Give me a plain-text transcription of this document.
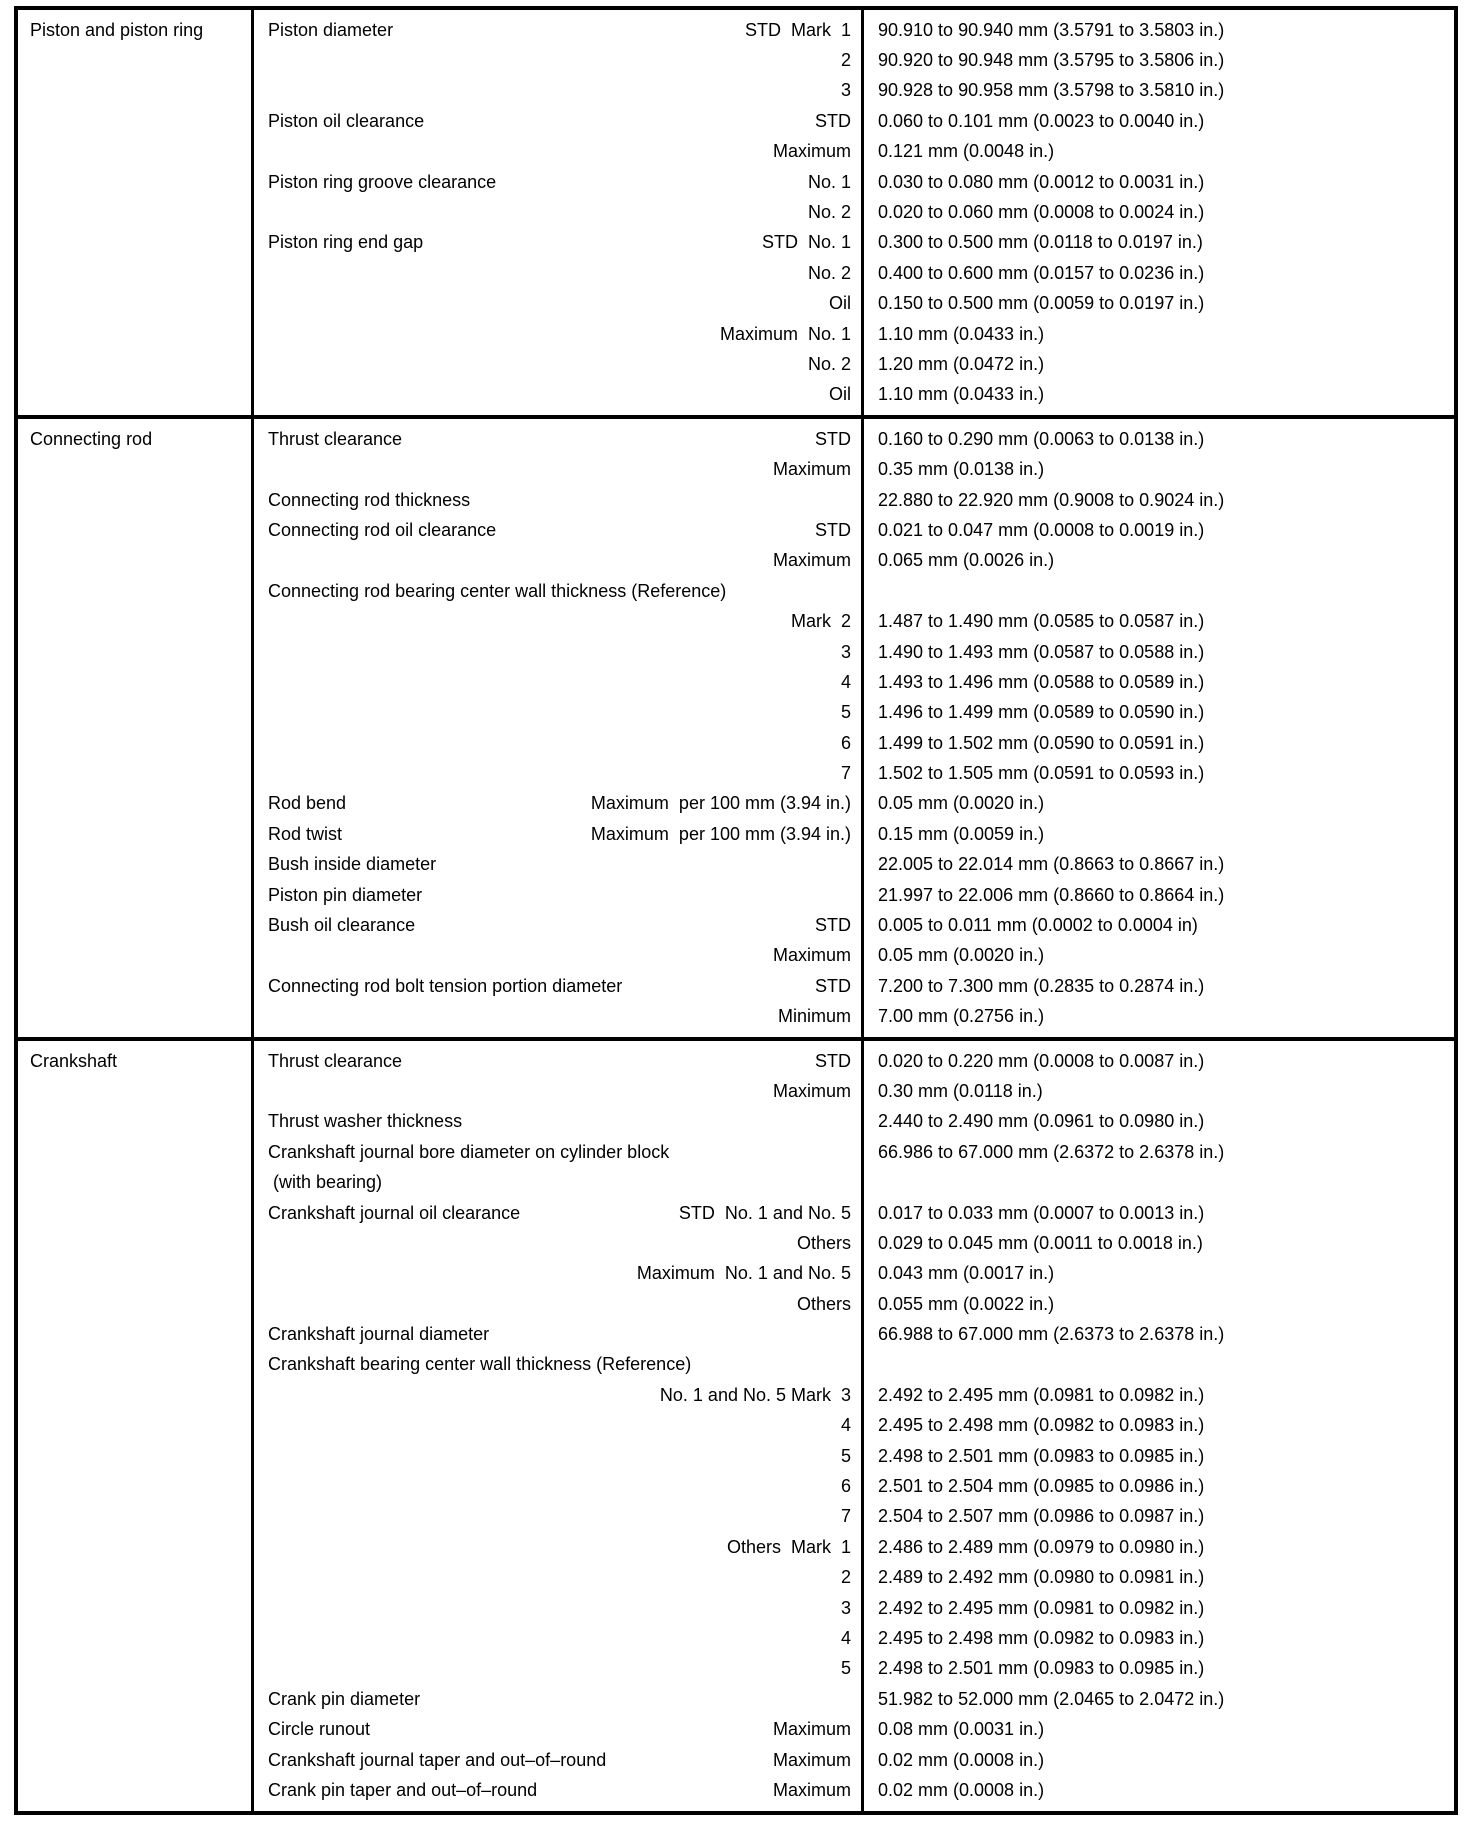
Piston and piston ring	Piston diameter	STD  Mark  1 90.910 to 90.940 mm (3.5791 to 3.5803 in.)
2 90.920 to 90.948 mm (3.5795 to 3.5806 in.)
3 90.928 to 90.958 mm (3.5798 to 3.5810 in.)
Piston oil clearance	STD 0.060 to 0.101 mm (0.0023 to 0.0040 in.)
Maximum 0.121 mm (0.0048 in.)
Piston ring groove clearance	No. 1 0.030 to 0.080 mm (0.0012 to 0.0031 in.)
No. 2 0.020 to 0.060 mm (0.0008 to 0.0024 in.)
Piston ring end gap	STD  No. 1 0.300 to 0.500 mm (0.0118 to 0.0197 in.)
No. 2 0.400 to 0.600 mm (0.0157 to 0.0236 in.)
Oil 0.150 to 0.500 mm (0.0059 to 0.0197 in.)
Maximum  No. 1 1.10 mm (0.0433 in.)
No. 2 1.20 mm (0.0472 in.)
Oil 1.10 mm (0.0433 in.)
Connecting rod	Thrust clearance	STD 0.160 to 0.290 mm (0.0063 to 0.0138 in.)
Maximum 0.35 mm (0.0138 in.)
Connecting rod thickness	22.880 to 22.920 mm (0.9008 to 0.9024 in.)
Connecting rod oil clearance	STD 0.021 to 0.047 mm (0.0008 to 0.0019 in.)
Maximum 0.065 mm (0.0026 in.)
Connecting rod bearing center wall thickness (Reference)
Mark  2 1.487 to 1.490 mm (0.0585 to 0.0587 in.)
3 1.490 to 1.493 mm (0.0587 to 0.0588 in.)
4 1.493 to 1.496 mm (0.0588 to 0.0589 in.)
5 1.496 to 1.499 mm (0.0589 to 0.0590 in.)
6 1.499 to 1.502 mm (0.0590 to 0.0591 in.)
7 1.502 to 1.505 mm (0.0591 to 0.0593 in.)
Rod bend	Maximum  per 100 mm (3.94 in.) 0.05 mm (0.0020 in.)
Rod twist	Maximum  per 100 mm (3.94 in.) 0.15 mm (0.0059 in.)
Bush inside diameter	22.005 to 22.014 mm (0.8663 to 0.8667 in.)
Piston pin diameter	21.997 to 22.006 mm (0.8660 to 0.8664 in.)
Bush oil clearance	STD 0.005 to 0.011 mm (0.0002 to 0.0004 in)
Maximum 0.05 mm (0.0020 in.)
Connecting rod bolt tension portion diameter	STD 7.200 to 7.300 mm (0.2835 to 0.2874 in.)
Minimum 7.00 mm (0.2756 in.)
Crankshaft	Thrust clearance	STD 0.020 to 0.220 mm (0.0008 to 0.0087 in.)
Maximum 0.30 mm (0.0118 in.)
Thrust washer thickness	2.440 to 2.490 mm (0.0961 to 0.0980 in.)
Crankshaft journal bore diameter on cylinder block	66.986 to 67.000 mm (2.6372 to 2.6378 in.)
(with bearing)
Crankshaft journal oil clearance	STD  No. 1 and No. 5 0.017 to 0.033 mm (0.0007 to 0.0013 in.)
Others 0.029 to 0.045 mm (0.0011 to 0.0018 in.)
Maximum  No. 1 and No. 5 0.043 mm (0.0017 in.)
Others 0.055 mm (0.0022 in.)
Crankshaft journal diameter	66.988 to 67.000 mm (2.6373 to 2.6378 in.)
Crankshaft bearing center wall thickness (Reference)
No. 1 and No. 5 Mark  3 2.492 to 2.495 mm (0.0981 to 0.0982 in.)
4 2.495 to 2.498 mm (0.0982 to 0.0983 in.)
5 2.498 to 2.501 mm (0.0983 to 0.0985 in.)
6 2.501 to 2.504 mm (0.0985 to 0.0986 in.)
7 2.504 to 2.507 mm (0.0986 to 0.0987 in.)
Others  Mark  1 2.486 to 2.489 mm (0.0979 to 0.0980 in.)
2 2.489 to 2.492 mm (0.0980 to 0.0981 in.)
3 2.492 to 2.495 mm (0.0981 to 0.0982 in.)
4 2.495 to 2.498 mm (0.0982 to 0.0983 in.)
5 2.498 to 2.501 mm (0.0983 to 0.0985 in.)
Crank pin diameter	51.982 to 52.000 mm (2.0465 to 2.0472 in.)
Circle runout	Maximum 0.08 mm (0.0031 in.)
Crankshaft journal taper and out–of–round	Maximum 0.02 mm (0.0008 in.)
Crank pin taper and out–of–round	Maximum 0.02 mm (0.0008 in.)
